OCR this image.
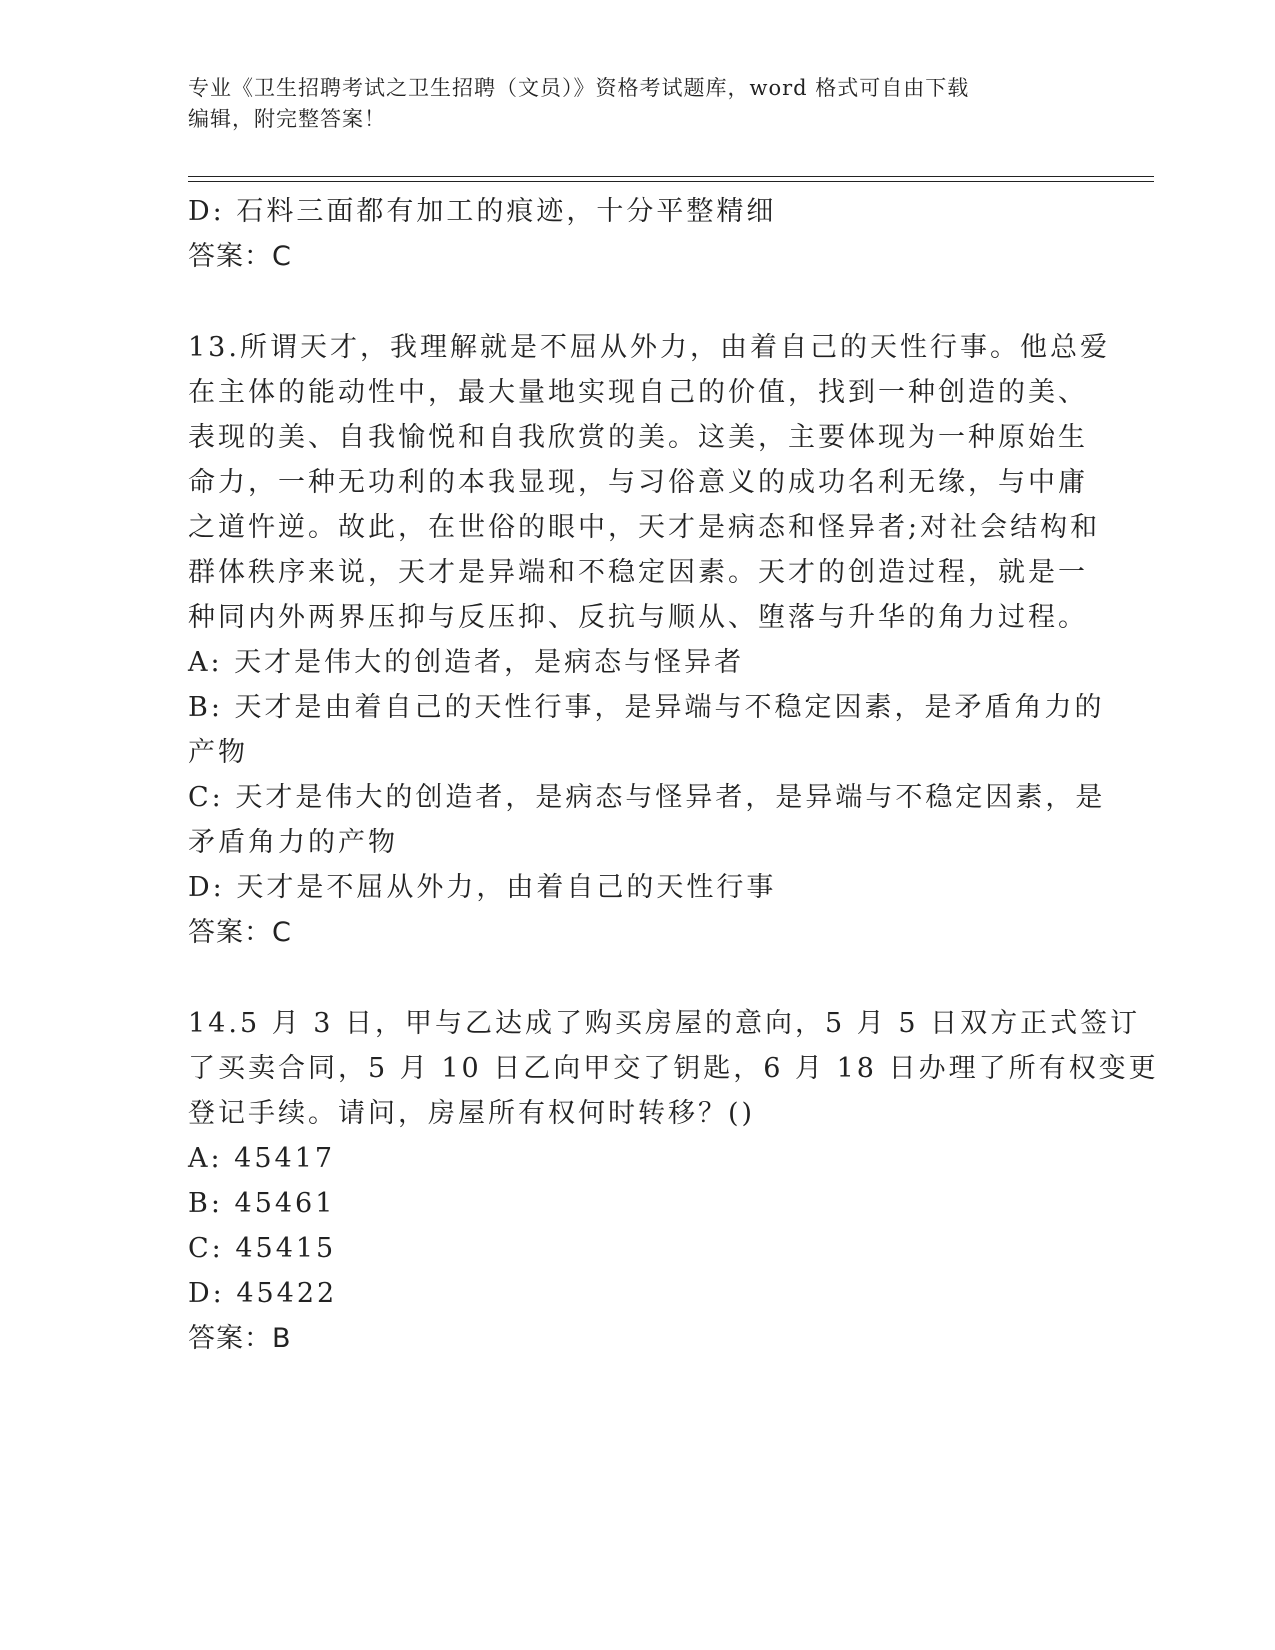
专业《卫生招聘考试之卫生招聘（文员）》资格考试题库，word 格式可自由下载
编辑，附完整答案！
D: 石料三面都有加工的痕迹，十分平整精细
答案：C
13.所谓天才，我理解就是不屈从外力，由着自己的天性行事。他总爱
在主体的能动性中，最大量地实现自己的价值，找到一种创造的美、
表现的美、自我愉悦和自我欣赏的美。这美，主要体现为一种原始生
命力，一种无功利的本我显现，与习俗意义的成功名利无缘，与中庸
之道忤逆。故此，在世俗的眼中，天才是病态和怪异者;对社会结构和
群体秩序来说，天才是异端和不稳定因素。天才的创造过程，就是一
种同内外两界压抑与反压抑、反抗与顺从、堕落与升华的角力过程。
A: 天才是伟大的创造者，是病态与怪异者
B: 天才是由着自己的天性行事，是异端与不稳定因素，是矛盾角力的
产物
C: 天才是伟大的创造者，是病态与怪异者，是异端与不稳定因素，是
矛盾角力的产物
D: 天才是不屈从外力，由着自己的天性行事
答案：C
14.5 月 3 日，甲与乙达成了购买房屋的意向，5 月 5 日双方正式签订
了买卖合同，5 月 10 日乙向甲交了钥匙，6 月 18 日办理了所有权变更
登记手续。请问，房屋所有权何时转移？()
A: 45417
B: 45461
C: 45415
D: 45422
答案：B
